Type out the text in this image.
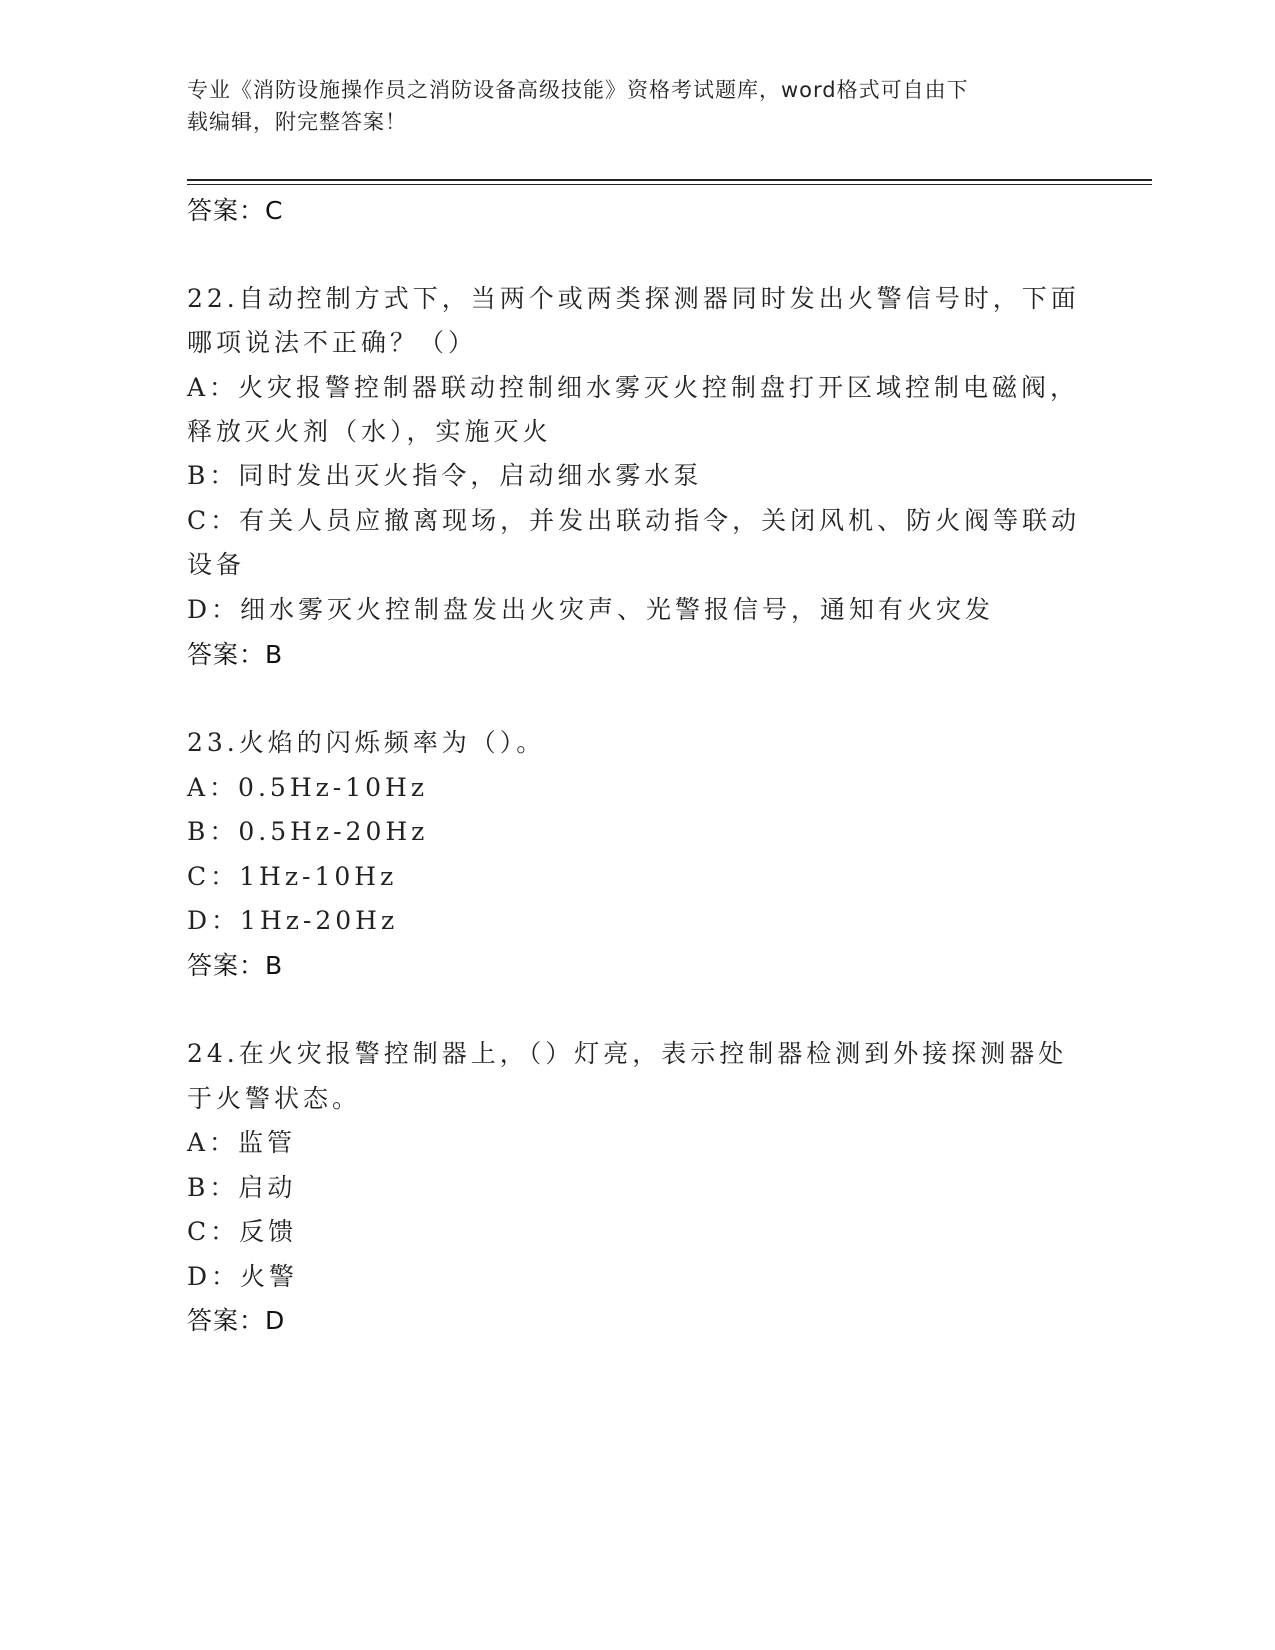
专业《消防设施操作员之消防设备高级技能》资格考试题库，word格式可自由下
载编辑，附完整答案！
答案：C
22.自动控制方式下，当两个或两类探测器同时发出火警信号时，下面
哪项说法不正确？（）
A：火灾报警控制器联动控制细水雾灭火控制盘打开区域控制电磁阀，
释放灭火剂（水），实施灭火
B：同时发出灭火指令，启动细水雾水泵
C：有关人员应撤离现场，并发出联动指令，关闭风机、防火阀等联动
设备
D：细水雾灭火控制盘发出火灾声、光警报信号，通知有火灾发
答案：B
23.火焰的闪烁频率为（）。
A：0.5Hz-10Hz
B：0.5Hz-20Hz
C：1Hz-10Hz
D：1Hz-20Hz
答案：B
24.在火灾报警控制器上，（）灯亮，表示控制器检测到外接探测器处
于火警状态。
A：监管
B：启动
C：反馈
D：火警
答案：D
